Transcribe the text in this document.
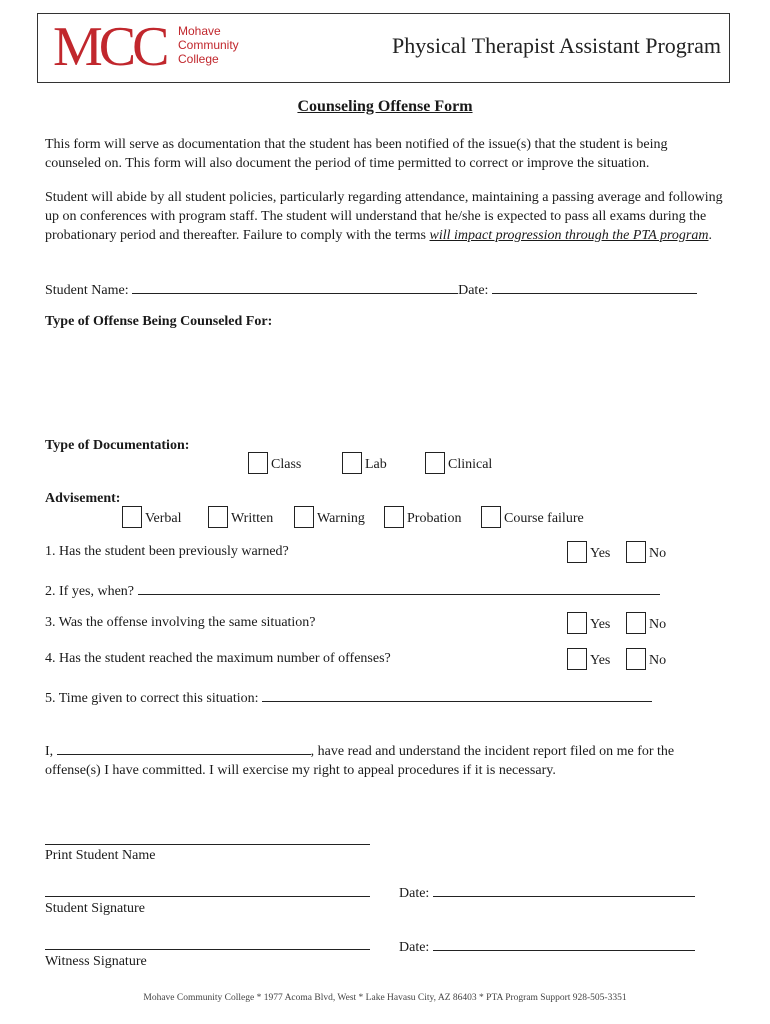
MCC Mohave
Community
College
Physical Therapist Assistant Program
Counseling Offense Form
This form will serve as documentation that the student has been notified of the issue(s) that the student is being counseled on. This form will also document the period of time permitted to correct or improve the situation.
Student will abide by all student policies, particularly regarding attendance, maintaining a passing average and following up on conferences with program staff. The student will understand that he/she is expected to pass all exams during the probationary period and thereafter. Failure to comply with the terms will impact progression through the PTA program.
Student Name:	Date:
Type of Offense Being Counseled For:
Type of Documentation:
Class	Lab	Clinical
Advisement:
Verbal	Written	Warning	Probation	Course failure
1. Has the student been previously warned?	Yes	No
2. If yes, when?
3. Was the offense involving the same situation?	Yes	No
4. Has the student reached the maximum number of offenses?	Yes	No
5. Time given to correct this situation:
I,	, have read and understand the incident report filed on me for the offense(s) I have committed. I will exercise my right to appeal procedures if it is necessary.
Print Student Name
Student Signature
Date:
Witness Signature
Date:
Mohave Community College * 1977 Acoma Blvd, West * Lake Havasu City, AZ 86403 * PTA Program Support 928-505-3351
